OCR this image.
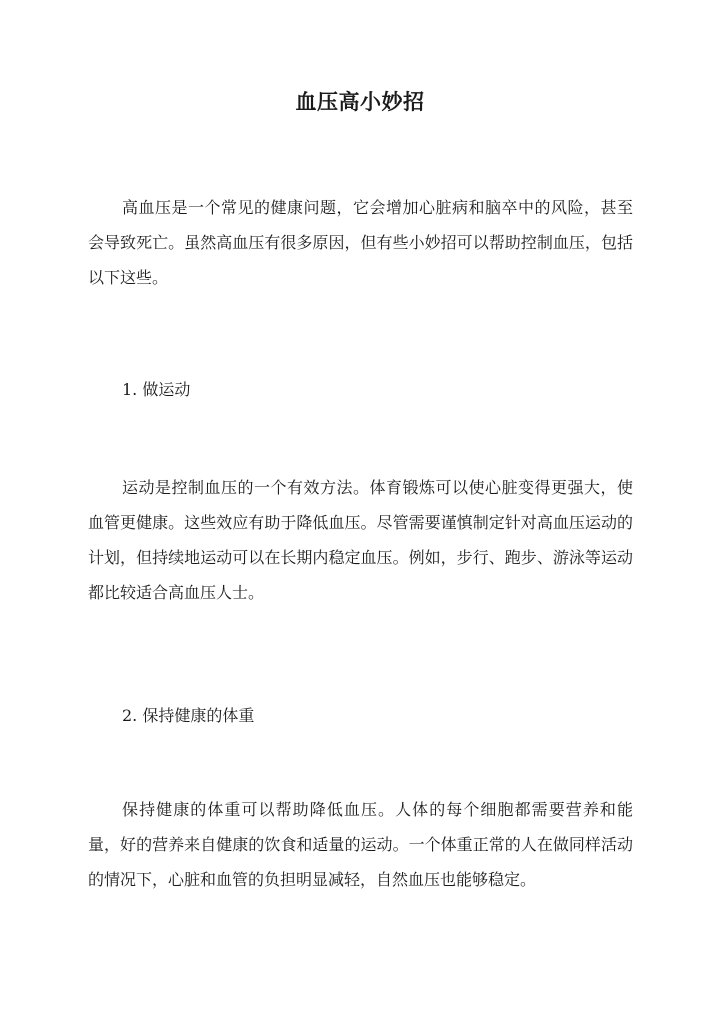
血压高小妙招
高血压是一个常见的健康问题，它会增加心脏病和脑卒中的风险，甚至会导致死亡。虽然高血压有很多原因，但有些小妙招可以帮助控制血压，包括以下这些。
1. 做运动
运动是控制血压的一个有效方法。体育锻炼可以使心脏变得更强大，使血管更健康。这些效应有助于降低血压。尽管需要谨慎制定针对高血压运动的计划，但持续地运动可以在长期内稳定血压。例如，步行、跑步、游泳等运动都比较适合高血压人士。
2. 保持健康的体重
保持健康的体重可以帮助降低血压。人体的每个细胞都需要营养和能量，好的营养来自健康的饮食和适量的运动。一个体重正常的人在做同样活动的情况下，心脏和血管的负担明显减轻，自然血压也能够稳定。
